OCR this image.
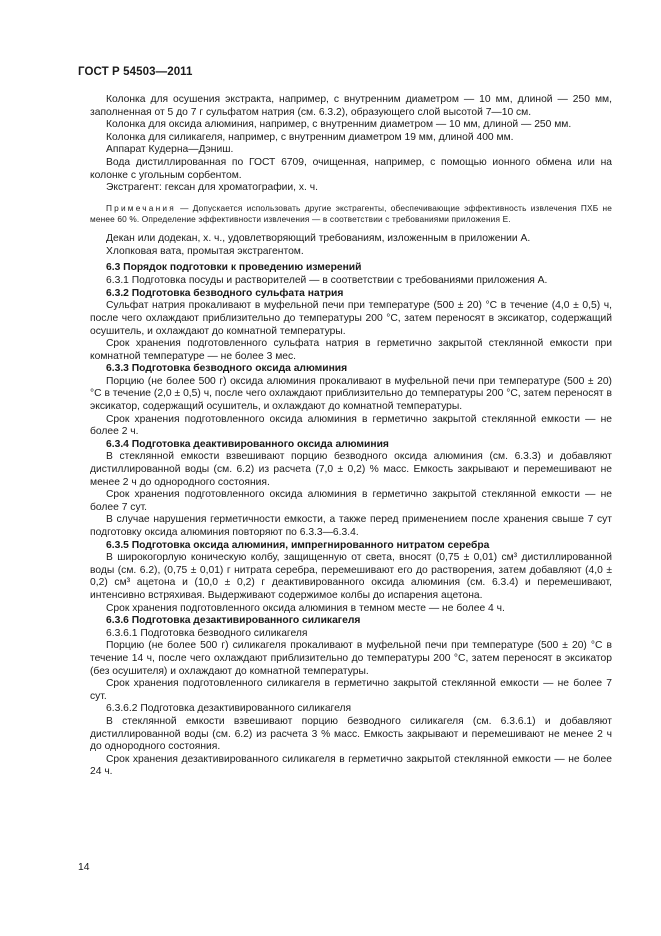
ГОСТ Р 54503—2011

Колонка для осушения экстракта, например, с внутренним диаметром — 10 мм, длиной — 250 мм, заполненная от 5 до 7 г сульфатом натрия (см. 6.3.2), образующего слой высотой 7—10 см.

Колонка для оксида алюминия, например, с внутренним диаметром — 10 мм, длиной — 250 мм.

Колонка для силикагеля, например, с внутренним диаметром 19 мм, длиной 400 мм.

Аппарат Кудерна—Дэниш.

Вода дистиллированная по ГОСТ 6709, очищенная, например, с помощью ионного обмена или на колонке с угольным сорбентом.

Экстрагент: гексан для хроматографии, х. ч.

Примечания — Допускается использовать другие экстрагенты, обеспечивающие эффективность извлечения ПХБ не менее 60 %. Определение эффективности извлечения — в соответствии с требованиями приложения Е.

Декан или додекан, х. ч., удовлетворяющий требованиям, изложенным в приложении А.

Хлопковая вата, промытая экстрагентом.

6.3 Порядок подготовки к проведению измерений

6.3.1 Подготовка посуды и растворителей — в соответствии с требованиями приложения А.

6.3.2 Подготовка безводного сульфата натрия

Сульфат натрия прокаливают в муфельной печи при температуре (500 ± 20) °С в течение (4,0 ± 0,5) ч, после чего охлаждают приблизительно до температуры 200 °С, затем переносят в эксикатор, содержащий осушитель, и охлаждают до комнатной температуры.

Срок хранения подготовленного сульфата натрия в герметично закрытой стеклянной емкости при комнатной температуре — не более 3 мес.

6.3.3 Подготовка безводного оксида алюминия

Порцию (не более 500 г) оксида алюминия прокаливают в муфельной печи при температуре (500 ± 20) °С в течение (2,0 ± 0,5) ч, после чего охлаждают приблизительно до температуры 200 °С, затем переносят в эксикатор, содержащий осушитель, и охлаждают до комнатной температуры.

Срок хранения подготовленного оксида алюминия в герметично закрытой стеклянной емкости — не более 2 ч.

6.3.4 Подготовка деактивированного оксида алюминия

В стеклянной емкости взвешивают порцию безводного оксида алюминия (см. 6.3.3) и добавляют дистиллированной воды (см. 6.2) из расчета (7,0 ± 0,2) % масс. Емкость закрывают и перемешивают не менее 2 ч до однородного состояния.

Срок хранения подготовленного оксида алюминия в герметично закрытой стеклянной емкости — не более 7 сут.

В случае нарушения герметичности емкости, а также перед применением после хранения свыше 7 сут подготовку оксида алюминия повторяют по 6.3.3—6.3.4.

6.3.5 Подготовка оксида алюминия, импрегнированного нитратом серебра

В широкогорлую коническую колбу, защищенную от света, вносят (0,75 ± 0,01) см³ дистиллированной воды (см. 6.2), (0,75 ± 0,01) г нитрата серебра, перемешивают его до растворения, затем добавляют (4,0 ± 0,2) см³ ацетона и (10,0 ± 0,2) г деактивированного оксида алюминия (см. 6.3.4) и перемешивают, интенсивно встряхивая. Выдерживают содержимое колбы до испарения ацетона.

Срок хранения подготовленного оксида алюминия в темном месте — не более 4 ч.

6.3.6 Подготовка дезактивированного силикагеля

6.3.6.1 Подготовка безводного силикагеля

Порцию (не более 500 г) силикагеля прокаливают в муфельной печи при температуре (500 ± 20) °С в течение 14 ч, после чего охлаждают приблизительно до температуры 200 °С, затем переносят в эксикатор (без осушителя) и охлаждают до комнатной температуры.

Срок хранения подготовленного силикагеля в герметично закрытой стеклянной емкости — не более 7 сут.

6.3.6.2 Подготовка дезактивированного силикагеля

В стеклянной емкости взвешивают порцию безводного силикагеля (см. 6.3.6.1) и добавляют дистиллированной воды (см. 6.2) из расчета 3 % масс. Емкость закрывают и перемешивают не менее 2 ч до однородного состояния.

Срок хранения дезактивированного силикагеля в герметично закрытой стеклянной емкости — не более 24 ч.

14
